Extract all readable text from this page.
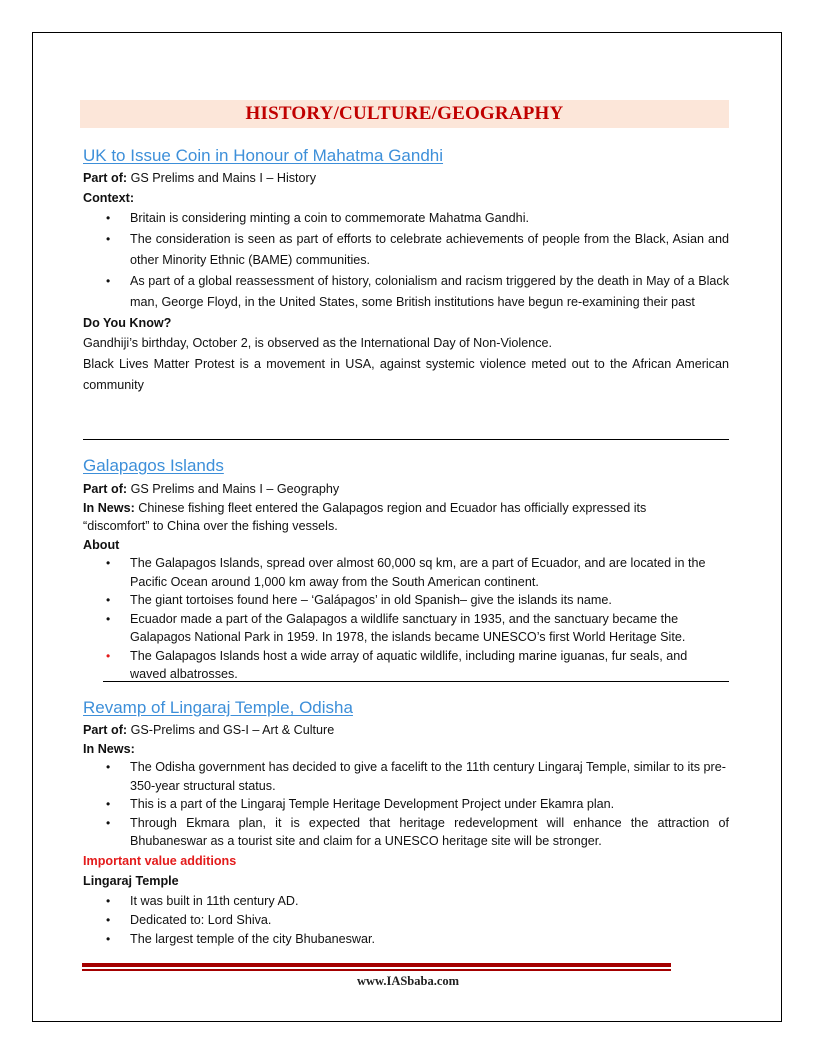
HISTORY/CULTURE/GEOGRAPHY
UK to Issue Coin in Honour of Mahatma Gandhi
Part of: GS Prelims and Mains I – History
Context:
• Britain is considering minting a coin to commemorate Mahatma Gandhi.
• The consideration is seen as part of efforts to celebrate achievements of people from the Black, Asian and other Minority Ethnic (BAME) communities.
• As part of a global reassessment of history, colonialism and racism triggered by the death in May of a Black man, George Floyd, in the United States, some British institutions have begun re-examining their past
Do You Know?
Gandhiji’s birthday, October 2, is observed as the International Day of Non-Violence.
Black Lives Matter Protest is a movement in USA, against systemic violence meted out to the African American community
Galapagos Islands
Part of: GS Prelims and Mains I – Geography
In News: Chinese fishing fleet entered the Galapagos region and Ecuador has officially expressed its “discomfort” to China over the fishing vessels.
About
• The Galapagos Islands, spread over almost 60,000 sq km, are a part of Ecuador, and are located in the Pacific Ocean around 1,000 km away from the South American continent.
• The giant tortoises found here – ‘Galápagos’ in old Spanish– give the islands its name.
• Ecuador made a part of the Galapagos a wildlife sanctuary in 1935, and the sanctuary became the Galapagos National Park in 1959. In 1978, the islands became UNESCO’s first World Heritage Site.
• The Galapagos Islands host a wide array of aquatic wildlife, including marine iguanas, fur seals, and waved albatrosses.
Revamp of Lingaraj Temple, Odisha
Part of: GS-Prelims and GS-I – Art & Culture
In News:
• The Odisha government has decided to give a facelift to the 11th century Lingaraj Temple, similar to its pre-350-year structural status.
• This is a part of the Lingaraj Temple Heritage Development Project under Ekamra plan.
• Through Ekmara plan, it is expected that heritage redevelopment will enhance the attraction of Bhubaneswar as a tourist site and claim for a UNESCO heritage site will be stronger.
Important value additions
Lingaraj Temple
• It was built in 11th century AD.
• Dedicated to: Lord Shiva.
• The largest temple of the city Bhubaneswar.
www.IASbaba.com
